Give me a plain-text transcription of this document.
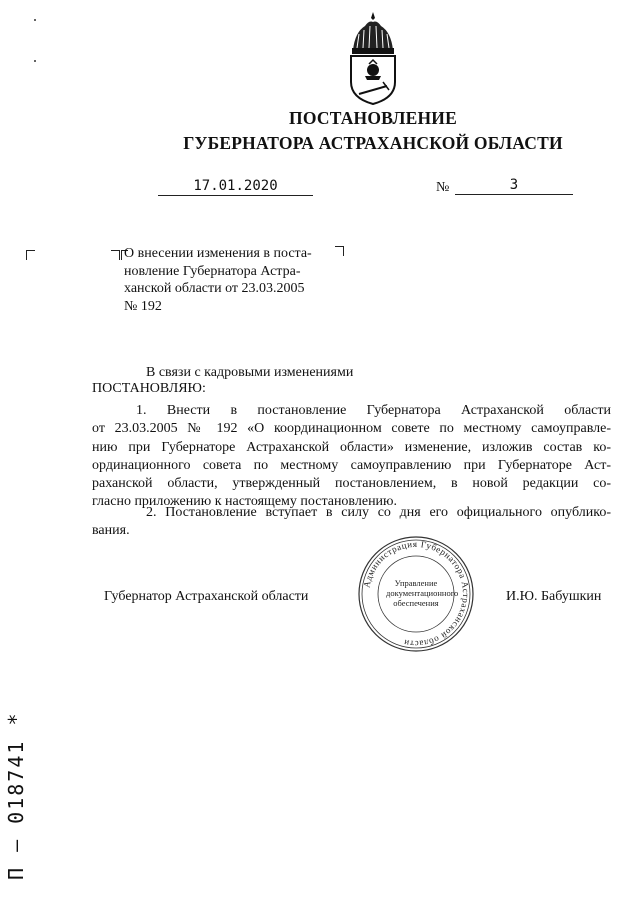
ПОСТАНОВЛЕНИЕ
ГУБЕРНАТОРА АСТРАХАНСКОЙ ОБЛАСТИ
17.01.2020	№	3
О внесении изменения в поста-
новление Губернатора Астра-
ханской области от 23.03.2005
№ 192
В связи с кадровыми изменениями
ПОСТАНОВЛЯЮ:
1. Внести в постановление Губернатора Астраханской области
от 23.03.2005 № 192 «О координационном совете по местному самоуправле-
нию при Губернаторе Астраханской области» изменение, изложив состав ко-
ординационного совета по местному самоуправлению при Губернаторе Аст-
раханской области, утвержденный постановлением, в новой редакции со-
гласно приложению к настоящему постановлению.
2. Постановление вступает в силу со дня его официального опублико-
вания.
Губернатор Астраханской области	И.Ю. Бабушкин
Администрация Губернатора Астраханской области
Управление
документационного
обеспечения
П – 018741 *
